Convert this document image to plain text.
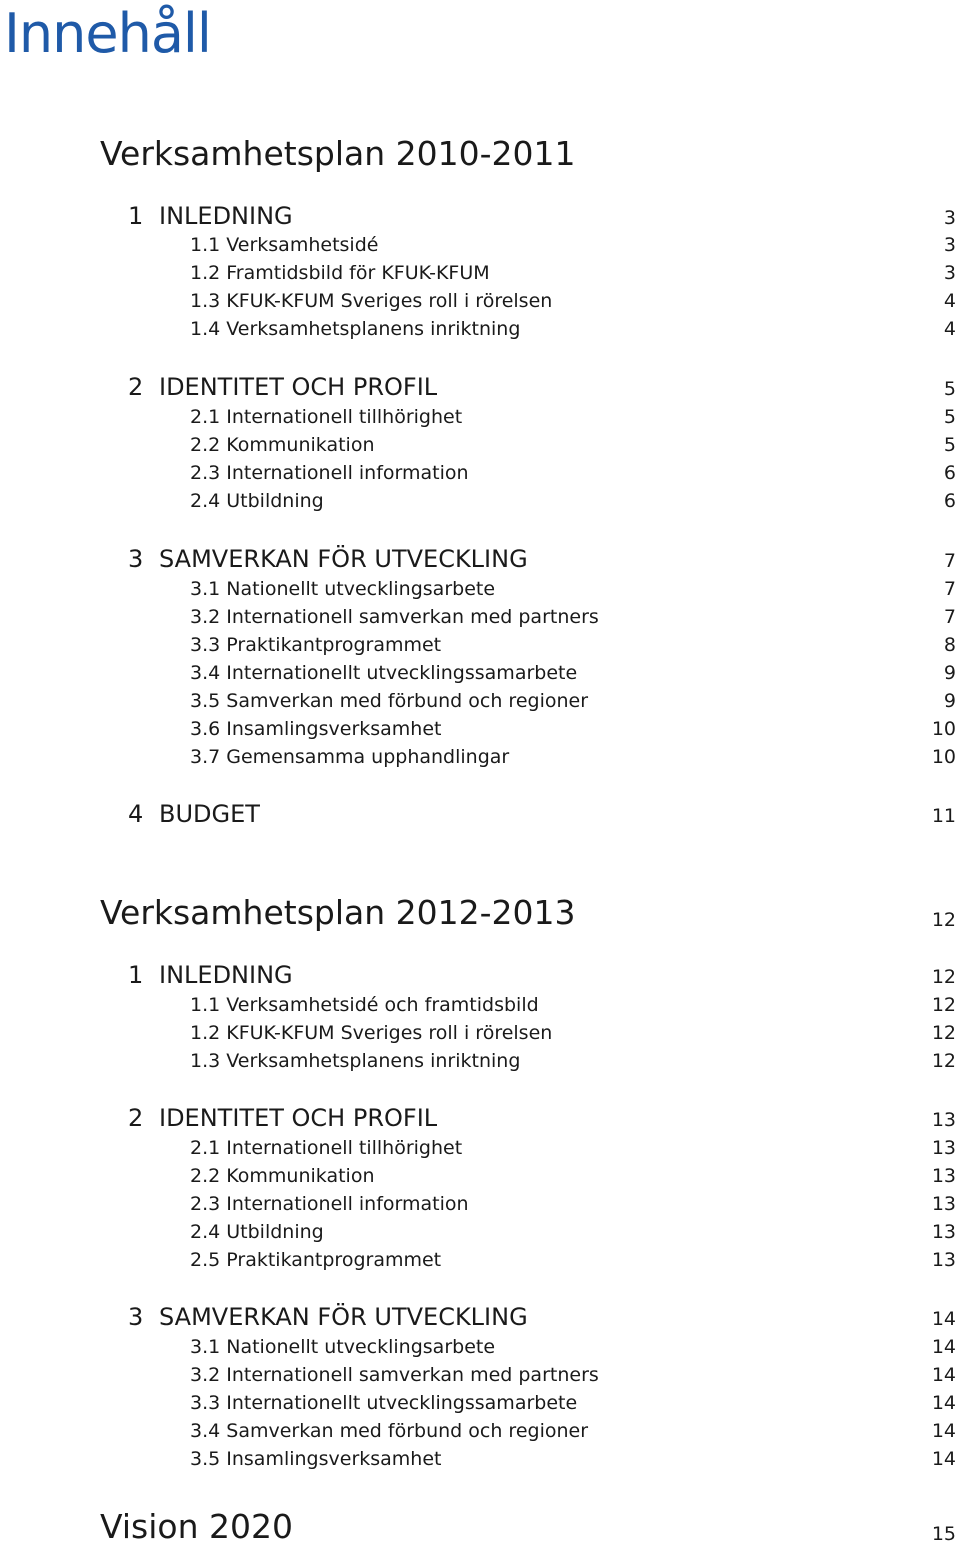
Innehåll
Verksamhetsplan 2010-2011
1 INLEDNING	3
1.1 Verksamhetsidé	3
1.2 Framtidsbild för KFUK-KFUM	3
1.3 KFUK-KFUM Sveriges roll i rörelsen	4
1.4 Verksamhetsplanens inriktning	4
2 IDENTITET OCH PROFIL	5
2.1 Internationell tillhörighet	5
2.2 Kommunikation	5
2.3 Internationell information	6
2.4 Utbildning	6
3 SAMVERKAN FÖR UTVECKLING	7
3.1 Nationellt utvecklingsarbete	7
3.2 Internationell samverkan med partners	7
3.3 Praktikantprogrammet	8
3.4 Internationellt utvecklingssamarbete	9
3.5 Samverkan med förbund och regioner	9
3.6 Insamlingsverksamhet	10
3.7 Gemensamma upphandlingar	10
4 BUDGET	11
Verksamhetsplan 2012-2013	12
1 INLEDNING	12
1.1 Verksamhetsidé och framtidsbild	12
1.2 KFUK-KFUM Sveriges roll i rörelsen	12
1.3 Verksamhetsplanens inriktning	12
2 IDENTITET OCH PROFIL	13
2.1 Internationell tillhörighet	13
2.2 Kommunikation	13
2.3 Internationell information	13
2.4 Utbildning	13
2.5 Praktikantprogrammet	13
3 SAMVERKAN FÖR UTVECKLING	14
3.1 Nationellt utvecklingsarbete	14
3.2 Internationell samverkan med partners	14
3.3 Internationellt utvecklingssamarbete	14
3.4 Samverkan med förbund och regioner	14
3.5 Insamlingsverksamhet	14
Vision 2020	15
